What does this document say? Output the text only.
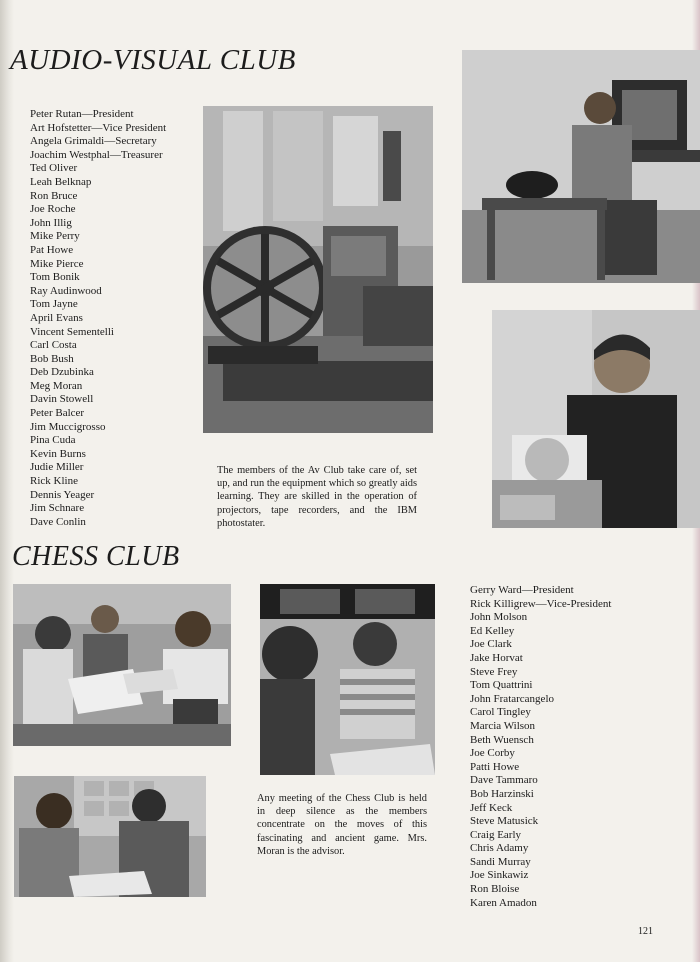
AUDIO-VISUAL CLUB
Peter Rutan—President
Art Hofstetter—Vice President
Angela Grimaldi—Secretary
Joachim Westphal—Treasurer
Ted Oliver
Leah Belknap
Ron Bruce
Joe Roche
John Illig
Mike Perry
Pat Howe
Mike Pierce
Tom Bonik
Ray Audinwood
Tom Jayne
April Evans
Vincent Sementelli
Carl Costa
Bob Bush
Deb Dzubinka
Meg Moran
Davin Stowell
Peter Balcer
Jim Muccigrosso
Pina Cuda
Kevin Burns
Judie Miller
Rick Kline
Dennis Yeager
Jim Schnare
Dave Conlin

The members of the Av Club take care of, set up, and run the equipment which so greatly aids learning. They are skilled in the operation of projectors, tape recorders, and the IBM photostater.

CHESS CLUB

Any meeting of the Chess Club is held in deep silence as the members concentrate on the moves of this fascinating and ancient game. Mrs. Moran is the advisor.

Gerry Ward—President
Rick Killigrew—Vice-President
John Molson
Ed Kelley
Joe Clark
Jake Horvat
Steve Frey
Tom Quattrini
John Fratarcangelo
Carol Tingley
Marcia Wilson
Beth Wuensch
Joe Corby
Patti Howe
Dave Tammaro
Bob Harzinski
Jeff Keck
Steve Matusick
Craig Early
Chris Adamy
Sandi Murray
Joe Sinkawiz
Ron Bloise
Karen Amadon
121
